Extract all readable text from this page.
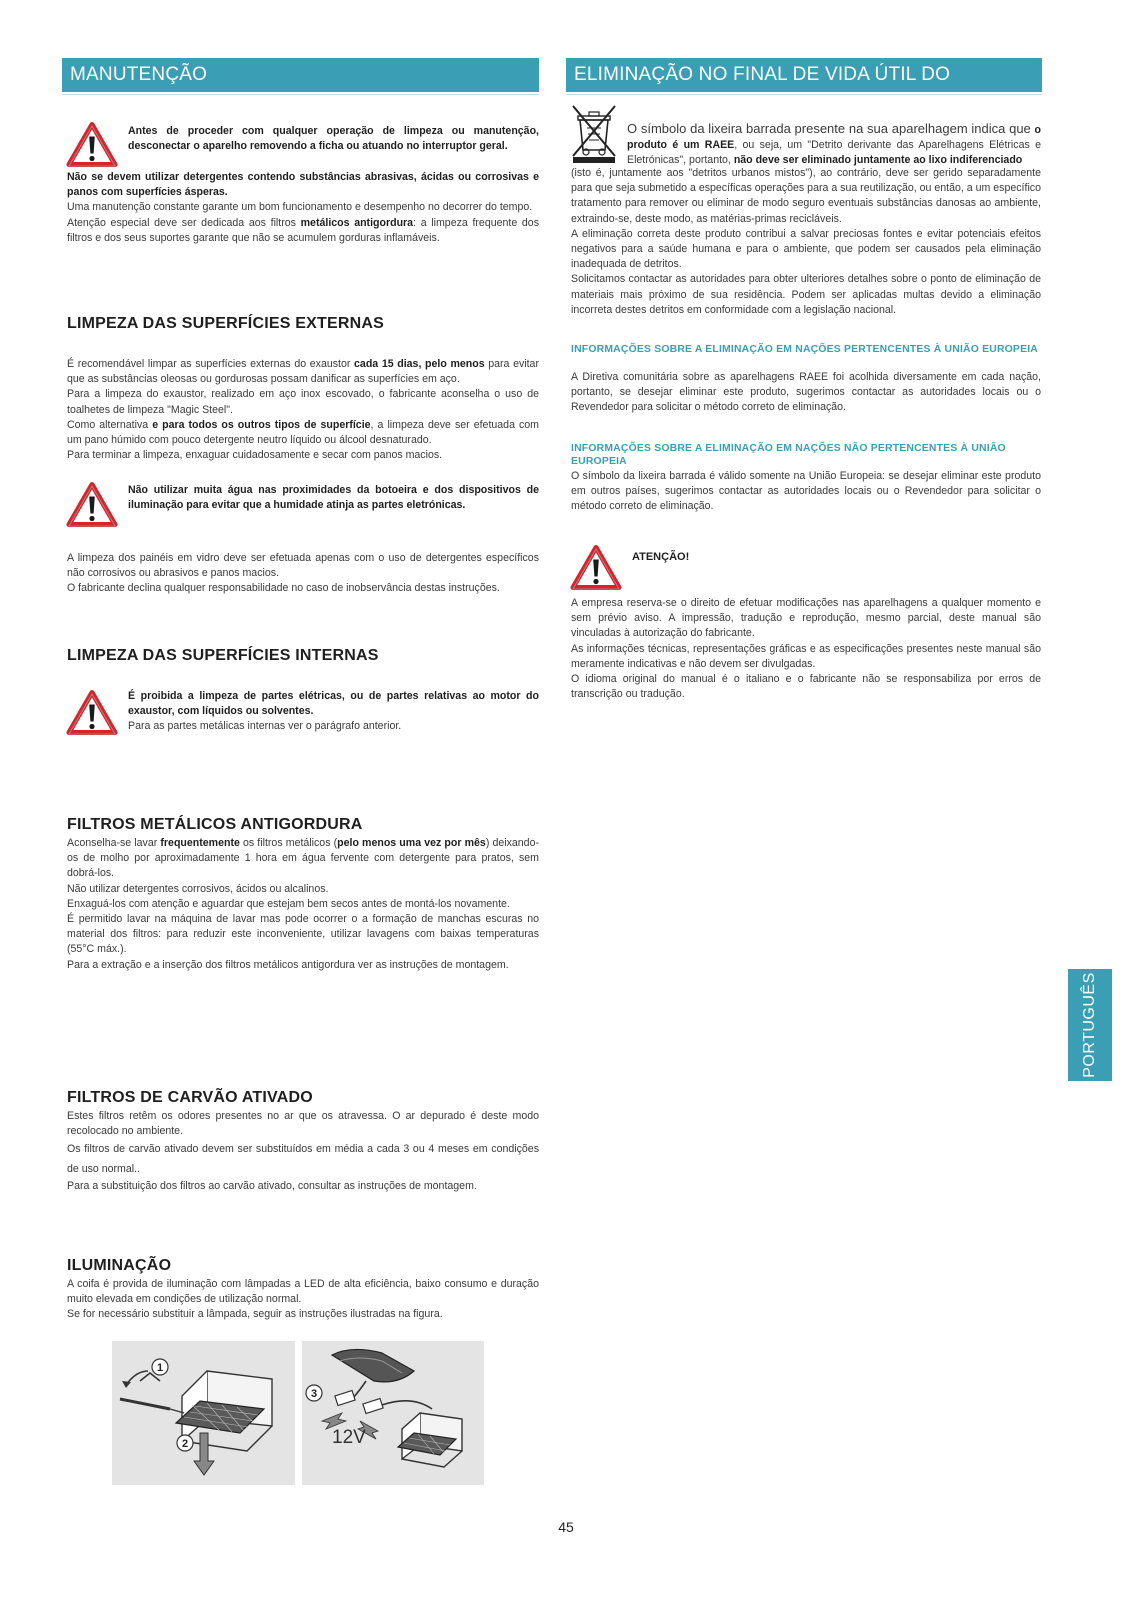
MANUTENÇÃO

Antes de proceder com qualquer operação de limpeza ou manutenção, desconectar o aparelho removendo a ficha ou atuando no interruptor geral.

Não se devem utilizar detergentes contendo substâncias abrasivas, ácidas ou corrosivas e panos com superfícies ásperas.

Uma manutenção constante garante um bom funcionamento e desempenho no decorrer do tempo.

Atenção especial deve ser dedicada aos filtros metálicos antigordura: a limpeza frequente dos filtros e dos seus suportes garante que não se acumulem gorduras inflamáveis.

LIMPEZA DAS SUPERFÍCIES EXTERNAS

É recomendável limpar as superfícies externas do exaustor cada 15 dias, pelo menos para evitar que as substâncias oleosas ou gordurosas possam danificar as superfícies em aço.

Para a limpeza do exaustor, realizado em aço inox escovado, o fabricante aconselha o uso de toalhetes de limpeza "Magic Steel".

Como alternativa e para todos os outros tipos de superfície, a limpeza deve ser efetuada com um pano húmido com pouco detergente neutro líquido ou álcool desnaturado.

Para terminar a limpeza, enxaguar cuidadosamente e secar com panos macios.

Não utilizar muita água nas proximidades da botoeira e dos dispositivos de iluminação para evitar que a humidade atinja as partes eletrónicas.

A limpeza dos painéis em vidro deve ser efetuada apenas com o uso de detergentes específicos não corrosivos ou abrasivos e panos macios.

O fabricante declina qualquer responsabilidade no caso de inobservância destas instruções.

LIMPEZA DAS SUPERFÍCIES INTERNAS

É proibida a limpeza de partes elétricas, ou de partes relativas ao motor do exaustor, com líquidos ou solventes.

Para as partes metálicas internas ver o parágrafo anterior.

FILTROS METÁLICOS ANTIGORDURA

Aconselha-se lavar frequentemente os filtros metálicos (pelo menos uma vez por mês) deixando-os de molho por aproximadamente 1 hora em água fervente com detergente para pratos, sem dobrá-los.

Não utilizar detergentes corrosivos, ácidos ou alcalinos.

Enxaguá-los com atenção e aguardar que estejam bem secos antes de montá-los novamente.

É permitido lavar na máquina de lavar mas pode ocorrer o a formação de manchas escuras no material dos filtros: para reduzir este inconveniente, utilizar lavagens com baixas temperaturas (55°C máx.).

Para a extração e a inserção dos filtros metálicos antigordura ver as instruções de montagem.

FILTROS DE CARVÃO ATIVADO

Estes filtros retêm os odores presentes no ar que os atravessa. O ar depurado é deste modo recolocado no ambiente.

Os filtros de carvão ativado devem ser substituídos em média a cada 3 ou 4 meses em condições de uso normal..

Para a substituição dos filtros ao carvão ativado, consultar as instruções de montagem.

ILUMINAÇÃO

A coifa é provida de iluminação com lâmpadas a LED de alta eficiência, baixo consumo e duração muito elevada em condições de utilização normal.

Se for necessário substituir a lâmpada, seguir as instruções ilustradas na figura.

1
2
3
12V
ELIMINAÇÃO NO FINAL DE VIDA ÚTIL DO APARELHO

O símbolo da lixeira barrada presente na sua aparelhagem indica que o produto é um RAEE, ou seja, um "Detrito derivante das Aparelhagens Elétricas e Eletrónicas", portanto, não deve ser eliminado juntamente ao lixo indiferenciado

(isto é, juntamente aos "detritos urbanos mistos"), ao contrário, deve ser gerido separadamente para que seja submetido a específicas operações para a sua reutilização, ou então, a um específico tratamento para remover ou eliminar de modo seguro eventuais substâncias danosas ao ambiente, extraindo-se, deste modo, as matérias-primas recicláveis.

A eliminação correta deste produto contribui a salvar preciosas fontes e evitar potenciais efeitos negativos para a saúde humana e para o ambiente, que podem ser causados pela eliminação inadequada de detritos.

Solicitamos contactar as autoridades para obter ulteriores detalhes sobre o ponto de eliminação de materiais mais próximo de sua residência. Podem ser aplicadas multas devido a eliminação incorreta destes detritos em conformidade com a legislação nacional.

INFORMAÇÕES SOBRE A ELIMINAÇÃO EM NAÇÕES PERTENCENTES À UNIÃO EUROPEIA

A Diretiva comunitária sobre as aparelhagens RAEE foi acolhida diversamente em cada nação, portanto, se desejar eliminar este produto, sugerimos contactar as autoridades locais ou o Revendedor para solicitar o método correto de eliminação.

INFORMAÇÕES SOBRE A ELIMINAÇÃO EM NAÇÕES NÃO PERTENCENTES À UNIÃO EUROPEIA

O símbolo da lixeira barrada é válido somente na União Europeia: se desejar eliminar este produto em outros países, sugerimos contactar as autoridades locais ou o Revendedor para solicitar o método correto de eliminação.

ATENÇÃO!

A empresa reserva-se o direito de efetuar modificações nas aparelhagens a qualquer momento e sem prévio aviso. A impressão, tradução e reprodução, mesmo parcial, deste manual são vinculadas à autorização do fabricante.

As informações técnicas, representações gráficas e as especificações presentes neste manual são meramente indicativas e não devem ser divulgadas.

O idioma original do manual é o italiano e o fabricante não se responsabiliza por erros de transcrição ou tradução.

PORTUGUÊS
45
